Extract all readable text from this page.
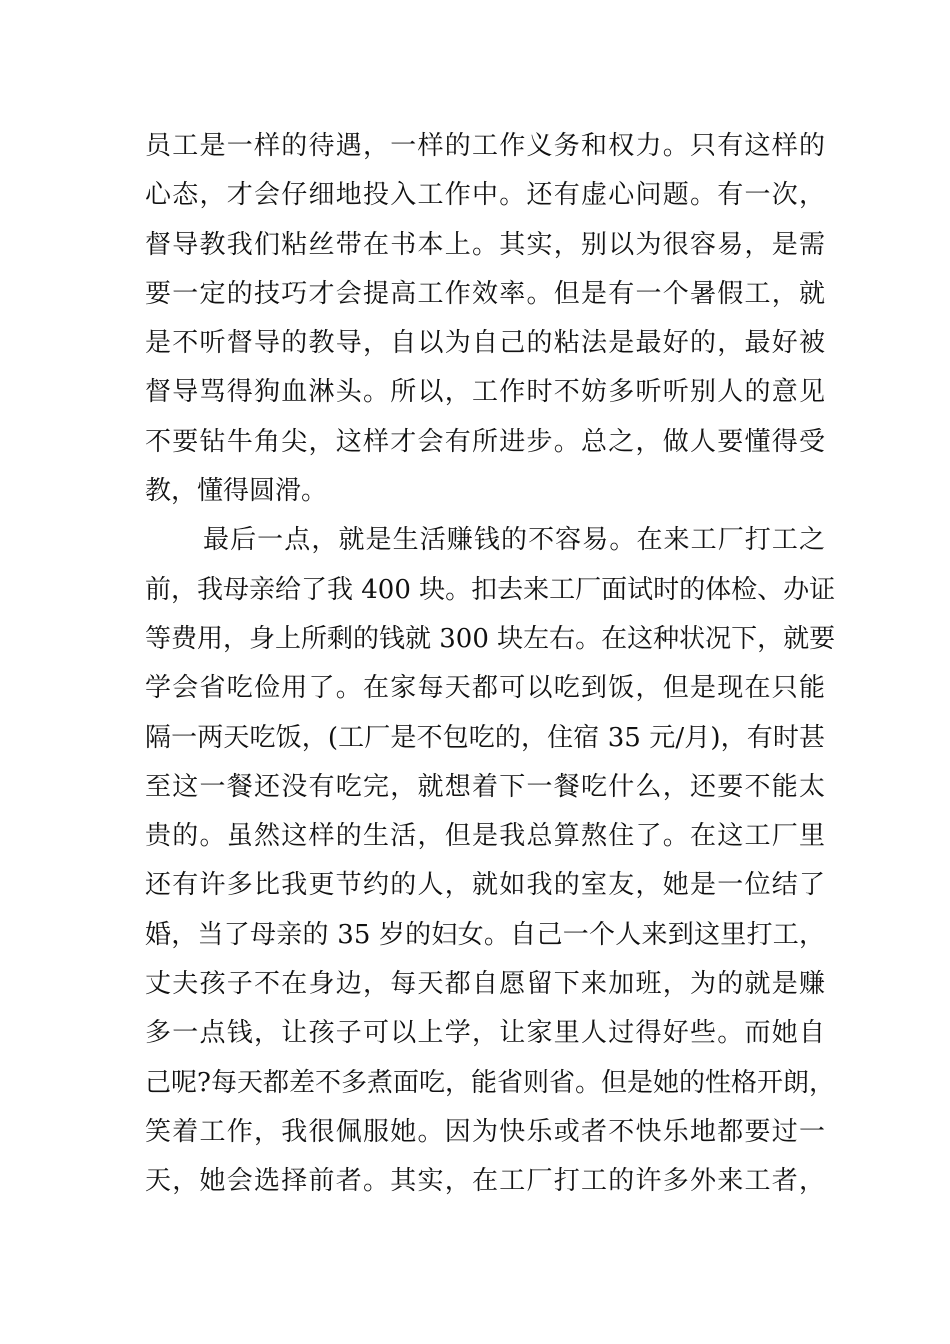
员工是一样的待遇，一样的工作义务和权力。只有这样的
心态，才会仔细地投入工作中。还有虚心问题。有一次，
督导教我们粘丝带在书本上。其实，别以为很容易，是需
要一定的技巧才会提高工作效率。但是有一个暑假工，就
是不听督导的教导，自以为自己的粘法是最好的，最好被
督导骂得狗血淋头。所以，工作时不妨多听听别人的意见
不要钻牛角尖，这样才会有所进步。总之，做人要懂得受
教，懂得圆滑。
最后一点，就是生活赚钱的不容易。在来工厂打工之
前，我母亲给了我 400 块。扣去来工厂面试时的体检、办证
等费用，身上所剩的钱就 300 块左右。在这种状况下，就要
学会省吃俭用了。在家每天都可以吃到饭，但是现在只能
隔一两天吃饭，(工厂是不包吃的，住宿 35 元/月)，有时甚
至这一餐还没有吃完，就想着下一餐吃什么，还要不能太
贵的。虽然这样的生活，但是我总算熬住了。在这工厂里
还有许多比我更节约的人，就如我的室友，她是一位结了
婚，当了母亲的 35 岁的妇女。自己一个人来到这里打工，
丈夫孩子不在身边，每天都自愿留下来加班，为的就是赚
多一点钱，让孩子可以上学，让家里人过得好些。而她自
己呢?每天都差不多煮面吃，能省则省。但是她的性格开朗，
笑着工作，我很佩服她。因为快乐或者不快乐地都要过一
天，她会选择前者。其实，在工厂打工的许多外来工者，
